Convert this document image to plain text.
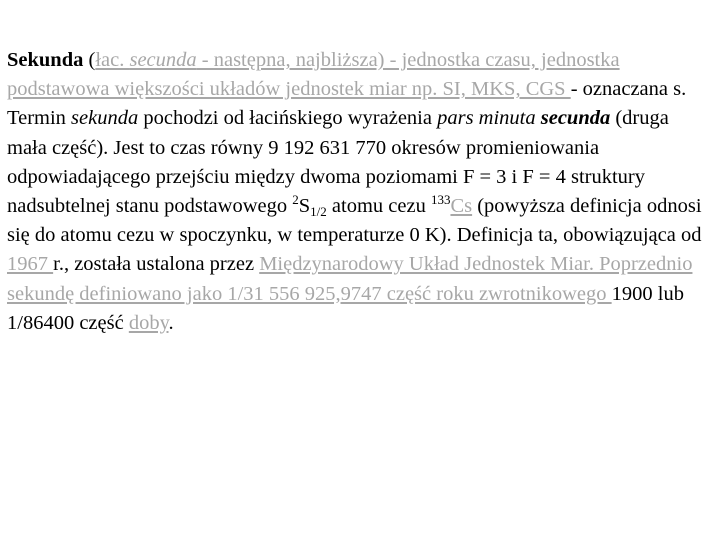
Sekunda (łac. secunda - następna, najbliższa) - jednostka czasu, jednostka podstawowa większości układów jednostek miar np. SI, MKS, CGS - oznaczana s. Termin sekunda pochodzi od łacińskiego wyrażenia pars minuta secunda (druga mała część). Jest to czas równy 9 192 631 770 okresów promieniowania odpowiadającego przejściu między dwoma poziomami F = 3 i F = 4 struktury nadsubtelnej stanu podstawowego $^2S_{1/2}$ atomu cezu $^{133}$Cs (powyższa definicja odnosi się do atomu cezu w spoczynku, w temperaturze 0 K). Definicja ta, obowiązująca od 1967 r., została ustalona przez Międzynarodowy Układ Jednostek Miar. Poprzednio sekundę definiowano jako 1/31 556 925,9747 część roku zwrotnikowego 1900 lub 1/86400 część doby.
